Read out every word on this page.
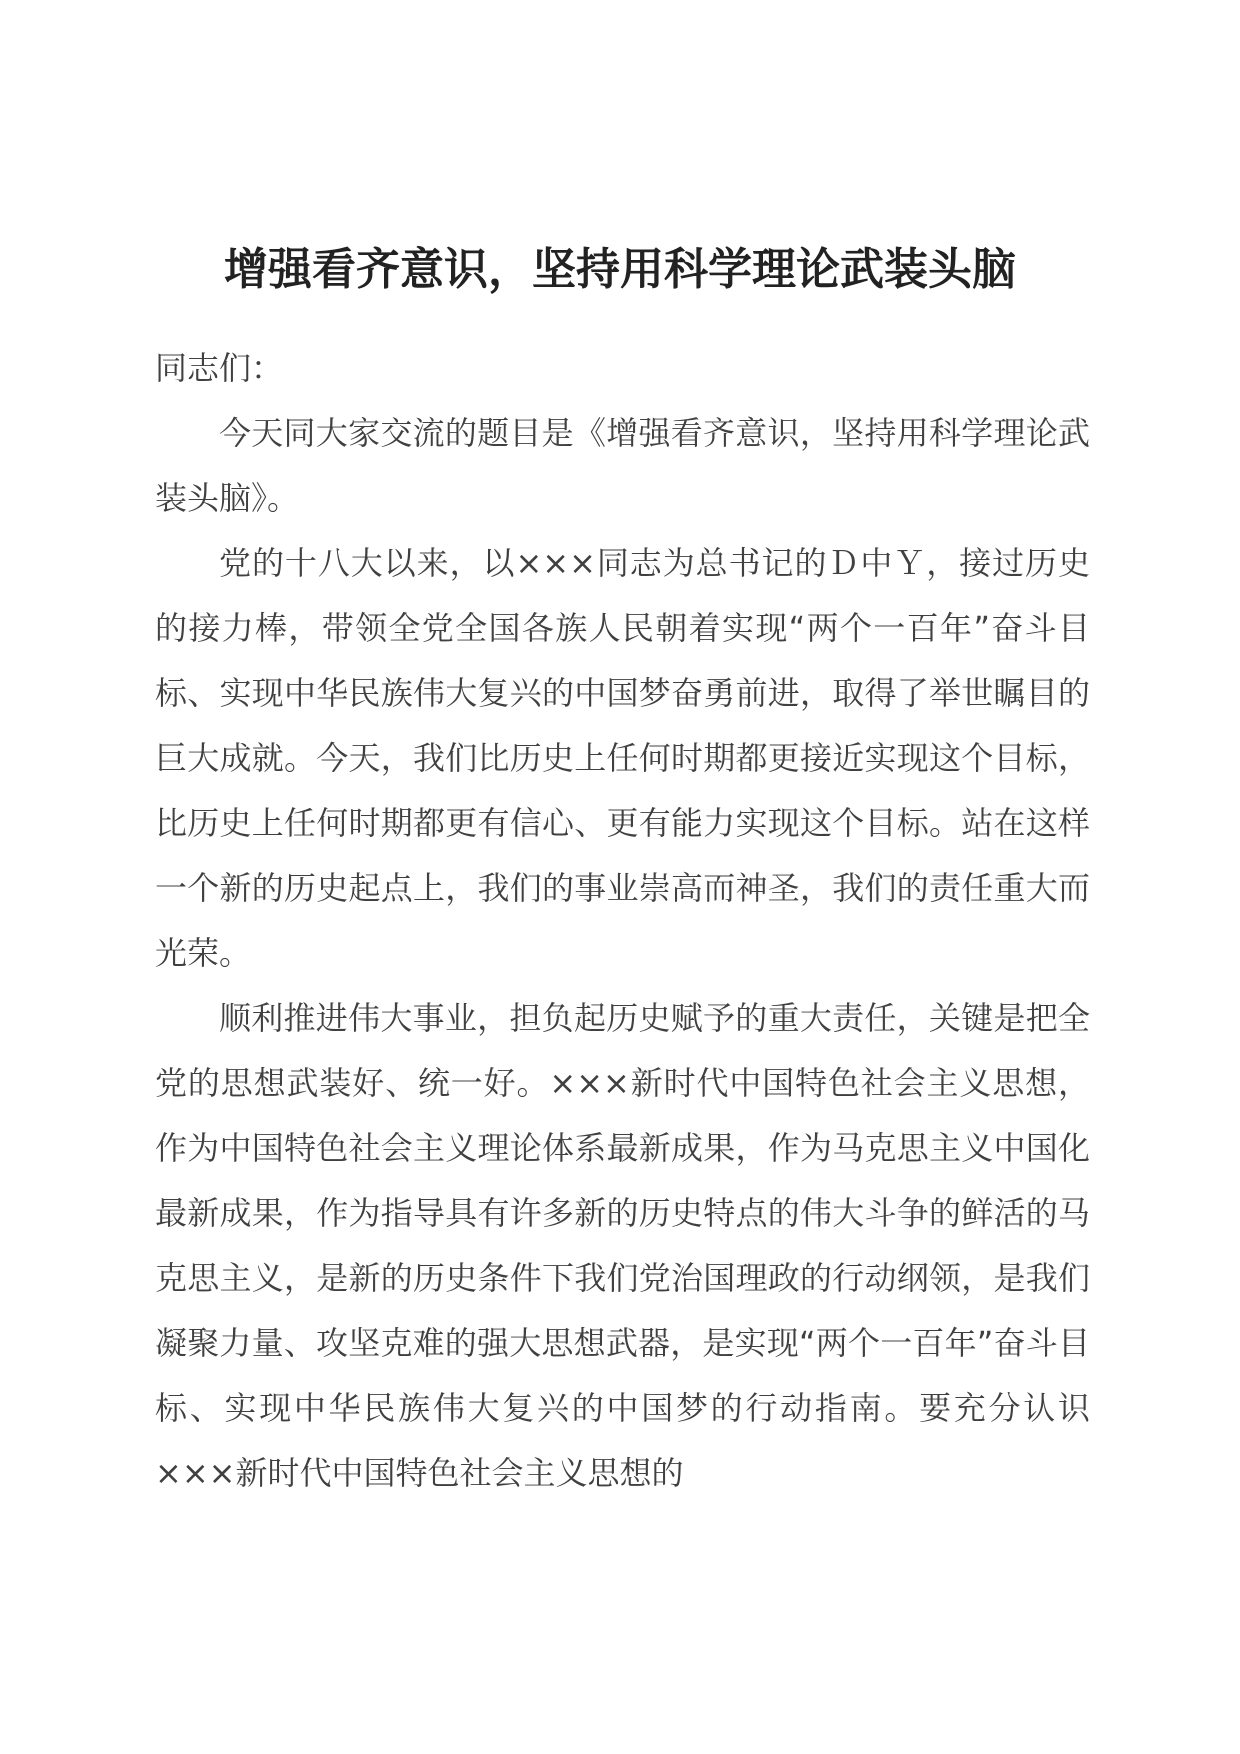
增强看齐意识，坚持用科学理论武装头脑

同志们：

今天同大家交流的题目是《增强看齐意识，坚持用科学理论武装头脑》。

党的十八大以来，以×××同志为总书记的Ｄ中Ｙ，接过历史的接力棒，带领全党全国各族人民朝着实现“两个一百年”奋斗目标、实现中华民族伟大复兴的中国梦奋勇前进，取得了举世瞩目的巨大成就。今天，我们比历史上任何时期都更接近实现这个目标，比历史上任何时期都更有信心、更有能力实现这个目标。站在这样一个新的历史起点上，我们的事业崇高而神圣，我们的责任重大而光荣。

顺利推进伟大事业，担负起历史赋予的重大责任，关键是把全党的思想武装好、统一好。×××新时代中国特色社会主义思想，作为中国特色社会主义理论体系最新成果，作为马克思主义中国化最新成果，作为指导具有许多新的历史特点的伟大斗争的鲜活的马克思主义，是新的历史条件下我们党治国理政的行动纲领，是我们凝聚力量、攻坚克难的强大思想武器，是实现“两个一百年”奋斗目标、实现中华民族伟大复兴的中国梦的行动指南。要充分认识×××新时代中国特色社会主义思想的
